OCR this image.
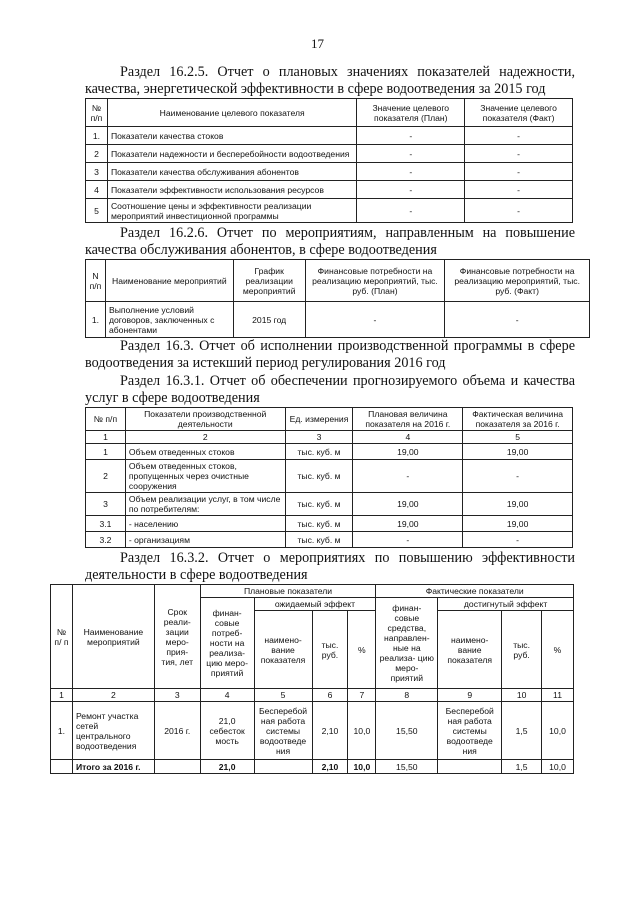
17
Раздел 16.2.5. Отчет о плановых значениях показателей надежности, качества, энергетической эффективности в сфере водоотведения за 2015 год
№ п/п	Наименование целевого показателя	Значение целевого показателя (План)	Значение целевого показателя (Факт)
1.	Показатели качества стоков	-	-
2	Показатели надежности и бесперебойности водоотведения	-	-
3	Показатели качества обслуживания абонентов	-	-
4	Показатели эффективности использования ресурсов	-	-
5	Соотношение цены и эффективности реализации мероприятий инвестиционной программы	-	-
Раздел 16.2.6. Отчет по мероприятиям, направленным на повышение качества обслуживания абонентов, в сфере водоотведения
N п/п	Наименование мероприятий	График реализации мероприятий	Финансовые потребности на реализацию мероприятий, тыс. руб. (План)	Финансовые потребности на реализацию мероприятий, тыс. руб. (Факт)
1.	Выполнение условий договоров, заключенных с абонентами	2015 год	-	-
Раздел 16.3. Отчет об исполнении производственной программы в сфере водоотведения за истекший период регулирования 2016 год
Раздел 16.3.1. Отчет об обеспечении прогнозируемого объема и качества услуг в сфере водоотведения
№ п/п	Показатели производственной деятельности	Ед. измерения	Плановая величина показателя на 2016 г.	Фактическая величина показателя за 2016 г.
1	2	3	4	5
1	Объем отведенных стоков	тыс. куб. м	19,00	19,00
2	Объем отведенных стоков, пропущенных через очистные сооружения	тыс. куб. м	-	-
3	Объем реализации услуг, в том числе по потребителям:	тыс. куб. м	19,00	19,00
3.1	- населению	тыс. куб. м	19,00	19,00
3.2	- организациям	тыс. куб. м	-	-
Раздел 16.3.2. Отчет о мероприятиях по повышению эффективности деятельности в сфере водоотведения
№ п/ п	Наименование мероприятий	Срок реали- зации меро- прия- тия, лет	Плановые показатели				Фактические показатели			
			финан- совые потреб- ности на реализа- цию меро- приятий	ожидаемый эффект			финан- совые средства, направлен- ные на реализа- цию меро- приятий	достигнутый эффект		
				наимено- вание показателя	тыс. руб.	%		наимено- вание показателя	тыс. руб.	%
1	2	3	4	5	6	7	8	9	10	11
1.	Ремонт участка сетей центрального водоотведения	2016 г.	21,0 себесток мость	Бесперебой ная работа системы водоотведе ния	2,10	10,0	15,50	Бесперебой ная работа системы водоотведе ния	1,5	10,0
	Итого за 2016 г.		21,0		2,10	10,0	15,50		1,5	10,0
